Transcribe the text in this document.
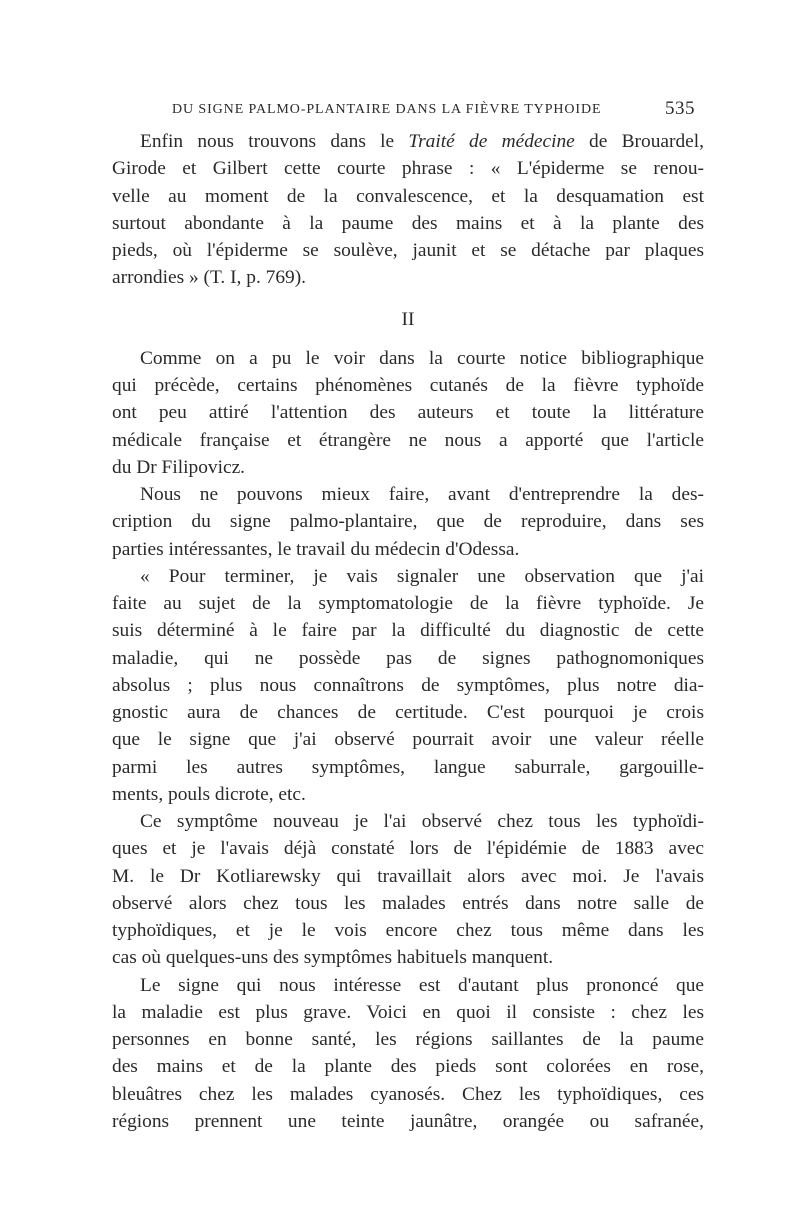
DU SIGNE PALMO-PLANTAIRE DANS LA FIÈVRE TYPHOIDE	535
Enfin nous trouvons dans le Traité de médecine de Brouardel,
Girode et Gilbert cette courte phrase : « L'épiderme se renou-
velle au moment de la convalescence, et la desquamation est
surtout abondante à la paume des mains et à la plante des
pieds, où l'épiderme se soulève, jaunit et se détache par plaques
arrondies » (T. I, p. 769).
II
Comme on a pu le voir dans la courte notice bibliographique
qui précède, certains phénomènes cutanés de la fièvre typhoïde
ont peu attiré l'attention des auteurs et toute la littérature
médicale française et étrangère ne nous a apporté que l'article
du Dr Filipovicz.
Nous ne pouvons mieux faire, avant d'entreprendre la des-
cription du signe palmo-plantaire, que de reproduire, dans ses
parties intéressantes, le travail du médecin d'Odessa.
« Pour terminer, je vais signaler une observation que j'ai
faite au sujet de la symptomatologie de la fièvre typhoïde. Je
suis déterminé à le faire par la difficulté du diagnostic de cette
maladie, qui ne possède pas de signes pathognomoniques
absolus ; plus nous connaîtrons de symptômes, plus notre dia-
gnostic aura de chances de certitude. C'est pourquoi je crois
que le signe que j'ai observé pourrait avoir une valeur réelle
parmi les autres symptômes, langue saburrale, gargouille-
ments, pouls dicrote, etc.
Ce symptôme nouveau je l'ai observé chez tous les typhoïdi-
ques et je l'avais déjà constaté lors de l'épidémie de 1883 avec
M. le Dr Kotliarewsky qui travaillait alors avec moi. Je l'avais
observé alors chez tous les malades entrés dans notre salle de
typhoïdiques, et je le vois encore chez tous même dans les
cas où quelques-uns des symptômes habituels manquent.
Le signe qui nous intéresse est d'autant plus prononcé que
la maladie est plus grave. Voici en quoi il consiste : chez les
personnes en bonne santé, les régions saillantes de la paume
des mains et de la plante des pieds sont colorées en rose,
bleuâtres chez les malades cyanosés. Chez les typhoïdiques, ces
régions prennent une teinte jaunâtre, orangée ou safranée,
